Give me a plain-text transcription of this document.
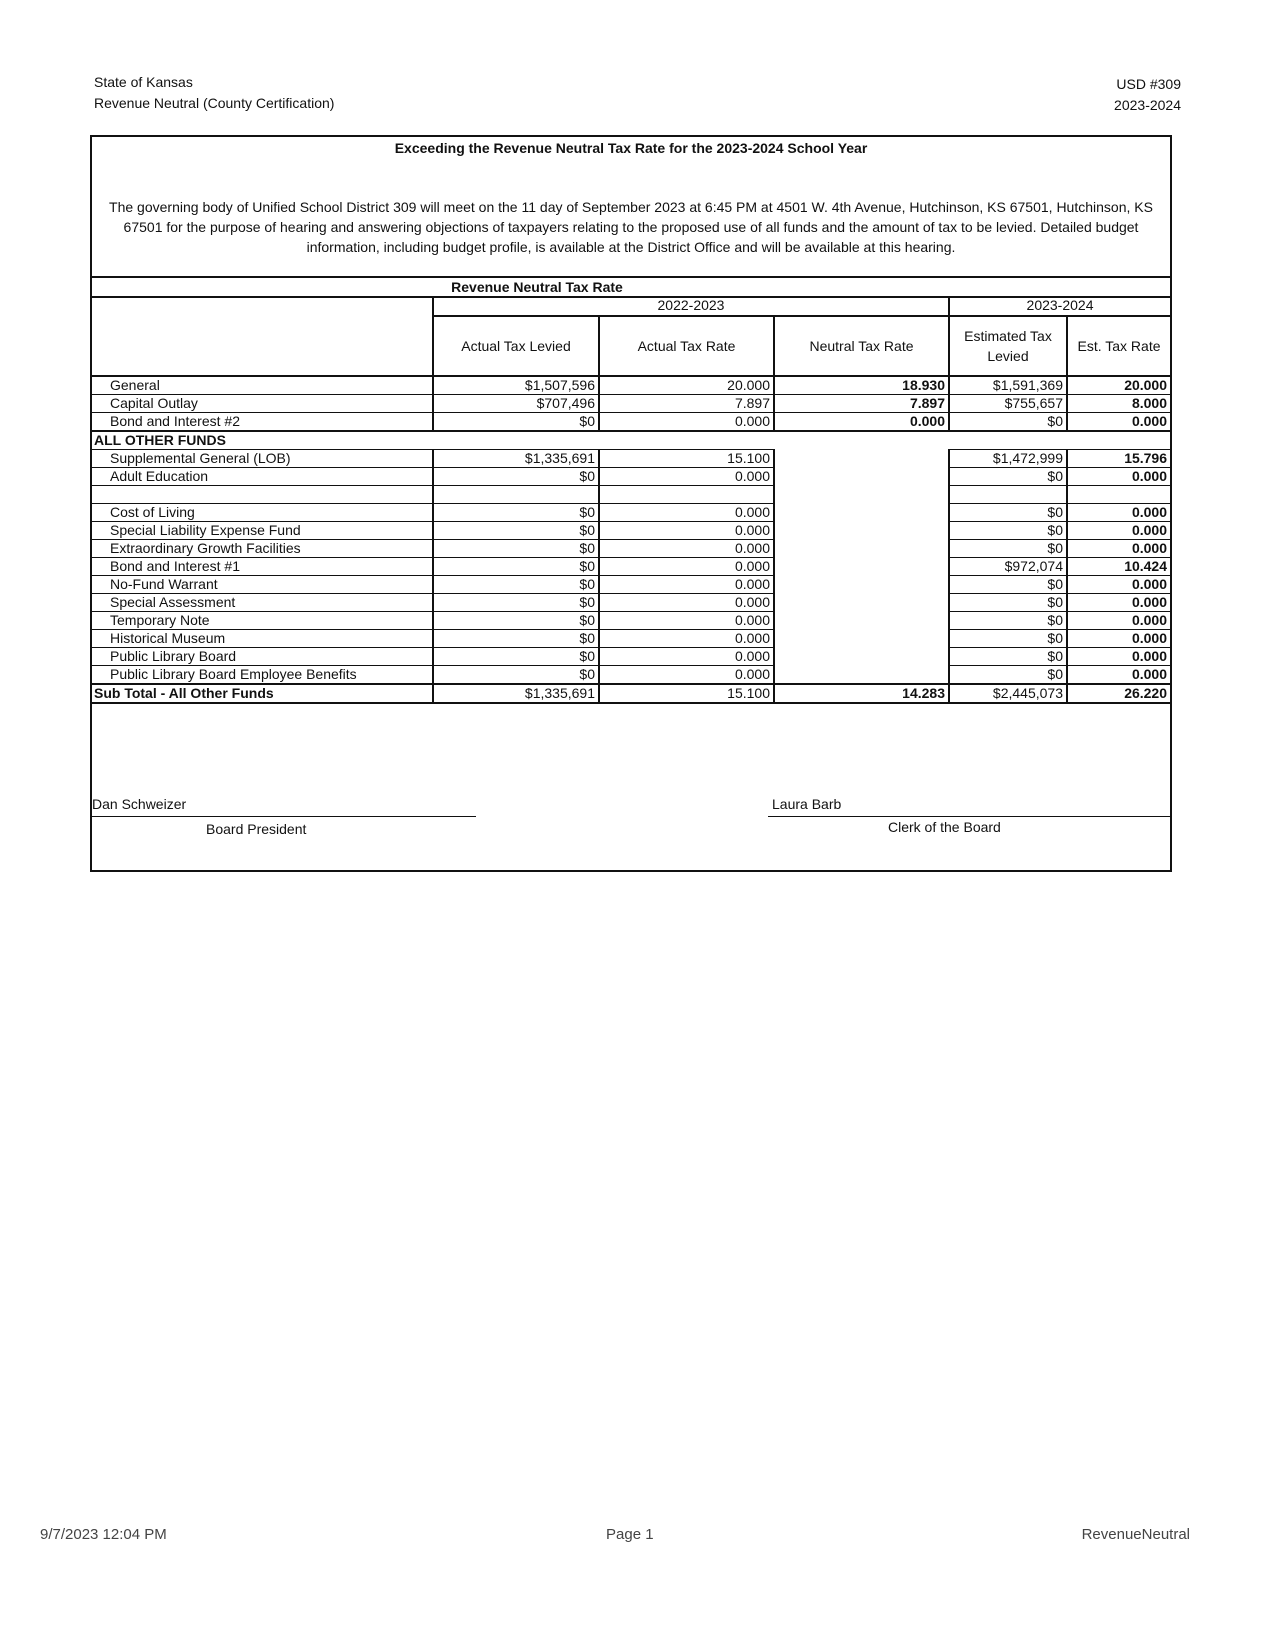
State of Kansas
Revenue Neutral (County Certification)
USD #309
2023-2024
Exceeding the Revenue Neutral Tax Rate for the 2023-2024 School Year
The governing body of Unified School District 309 will meet on the 11 day of September 2023 at 6:45 PM at 4501 W. 4th Avenue, Hutchinson, KS 67501, Hutchinson, KS 67501 for the purpose of hearing and answering objections of taxpayers relating to the proposed use of all funds and the amount of tax to be levied. Detailed budget information, including budget profile, is available at the District Office and will be available at this hearing.
Revenue Neutral Tax Rate
	2022-2023			2023-2024	
	Actual Tax Levied	Actual Tax Rate	Neutral Tax Rate	Estimated Tax Levied	Est. Tax Rate
General	$1,507,596	20.000	18.930	$1,591,369	20.000
Capital Outlay	$707,496	7.897	7.897	$755,657	8.000
Bond and Interest #2	$0	0.000	0.000	$0	0.000
ALL OTHER FUNDS					
Supplemental General (LOB)	$1,335,691	15.100		$1,472,999	15.796
Adult Education	$0	0.000		$0	0.000

Cost of Living	$0	0.000		$0	0.000
Special Liability Expense Fund	$0	0.000		$0	0.000
Extraordinary Growth Facilities	$0	0.000		$0	0.000
Bond and Interest #1	$0	0.000		$972,074	10.424
No-Fund Warrant	$0	0.000		$0	0.000
Special Assessment	$0	0.000		$0	0.000
Temporary Note	$0	0.000		$0	0.000
Historical Museum	$0	0.000		$0	0.000
Public Library Board	$0	0.000		$0	0.000
Public Library Board Employee Benefits	$0	0.000		$0	0.000
Sub Total - All Other Funds	$1,335,691	15.100	14.283	$2,445,073	26.220
Dan Schweizer
Board President
Laura Barb
Clerk of the Board
9/7/2023 12:04 PM	Page 1	RevenueNeutral
